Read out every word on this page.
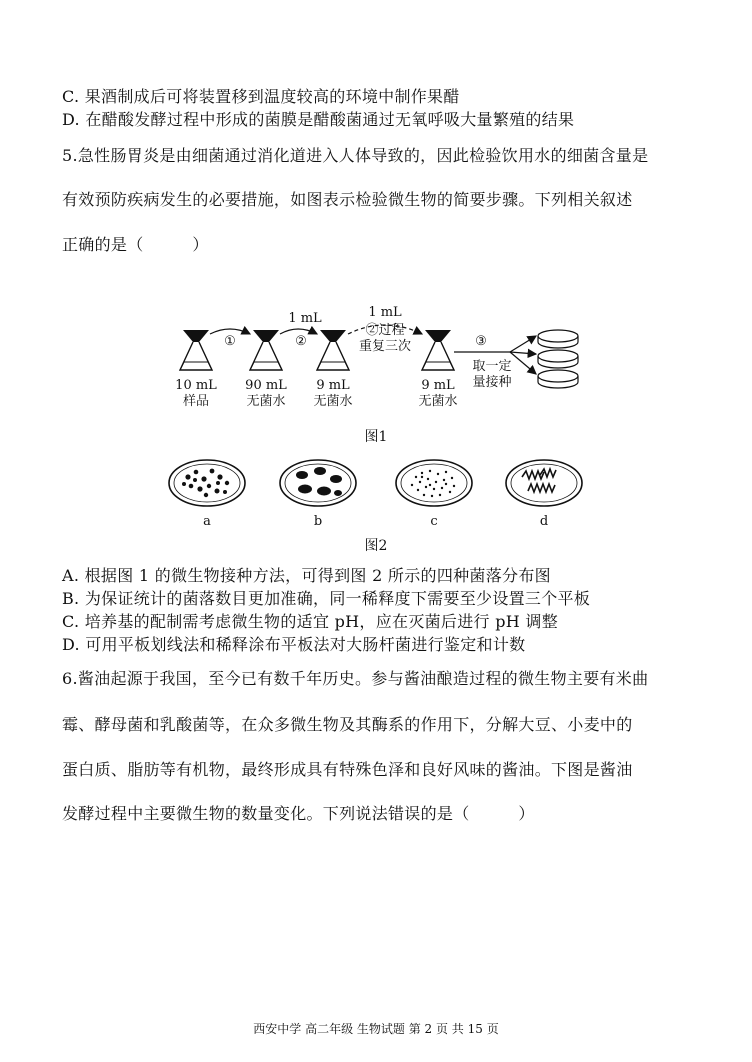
C. 果酒制成后可将装置移到温度较高的环境中制作果醋
D. 在醋酸发酵过程中形成的菌膜是醋酸菌通过无氧呼吸大量繁殖的结果
5.急性肠胃炎是由细菌通过消化道进入人体导致的，因此检验饮用水的细菌含量是
有效预防疾病发生的必要措施，如图表示检验微生物的简要步骤。下列相关叙述
正确的是（　　　）
①	②
1 mL	1 mL
②过程
重复三次	③
取一定
量接种
10 mL
样品
90 mL
无菌水
9 mL
无菌水
9 mL
无菌水
图1
a	b	c	d
图2
A. 根据图 1 的微生物接种方法，可得到图 2 所示的四种菌落分布图
B. 为保证统计的菌落数目更加准确，同一稀释度下需要至少设置三个平板
C. 培养基的配制需考虑微生物的适宜 pH，应在灭菌后进行 pH 调整
D. 可用平板划线法和稀释涂布平板法对大肠杆菌进行鉴定和计数
6.酱油起源于我国，至今已有数千年历史。参与酱油酿造过程的微生物主要有米曲
霉、酵母菌和乳酸菌等，在众多微生物及其酶系的作用下，分解大豆、小麦中的
蛋白质、脂肪等有机物，最终形成具有特殊色泽和良好风味的酱油。下图是酱油
发酵过程中主要微生物的数量变化。下列说法错误的是（　　　）
西安中学 高二年级 生物试题 第 2 页 共 15 页
